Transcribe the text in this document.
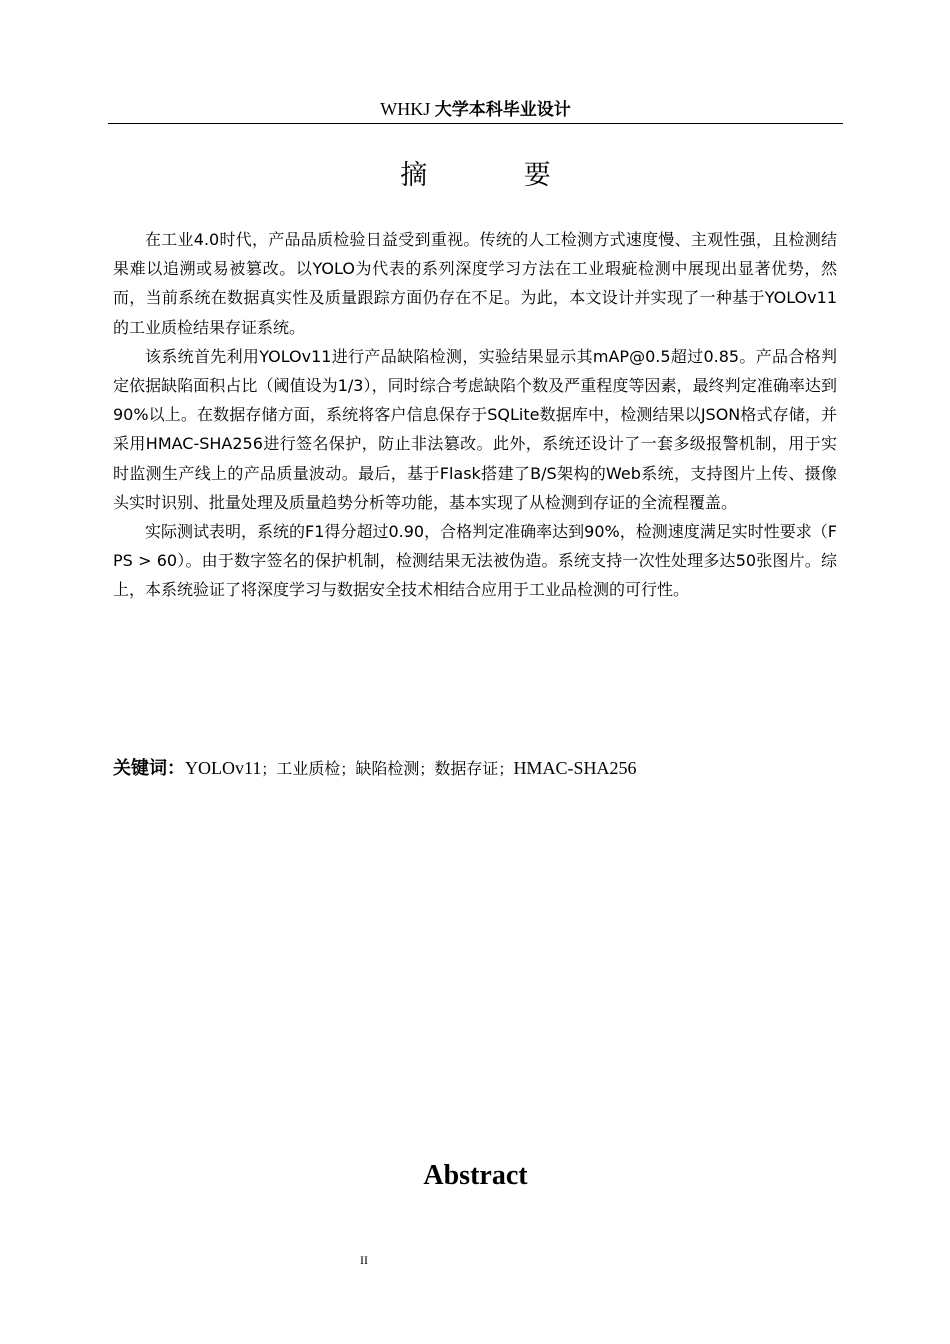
WHKJ 大学本科毕业设计
摘 要

在工业4.0时代，产品品质检验日益受到重视。传统的人工检测方式速度慢、主观性强，且检测结果难以追溯或易被篡改。以YOLO为代表的系列深度学习方法在工业瑕疵检测中展现出显著优势，然而，当前系统在数据真实性及质量跟踪方面仍存在不足。为此，本文设计并实现了一种基于YOLOv11的工业质检结果存证系统。

该系统首先利用YOLOv11进行产品缺陷检测，实验结果显示其mAP@0.5超过0.85。产品合格判定依据缺陷面积占比（阈值设为1/3），同时综合考虑缺陷个数及严重程度等因素，最终判定准确率达到90%以上。在数据存储方面，系统将客户信息保存于SQLite数据库中，检测结果以JSON格式存储，并采用HMAC-SHA256进行签名保护，防止非法篡改。此外，系统还设计了一套多级报警机制，用于实时监测生产线上的产品质量波动。最后，基于Flask搭建了B/S架构的Web系统，支持图片上传、摄像头实时识别、批量处理及质量趋势分析等功能，基本实现了从检测到存证的全流程覆盖。

实际测试表明，系统的F1得分超过0.90，合格判定准确率达到90%，检测速度满足实时性要求（FPS > 60）。由于数字签名的保护机制，检测结果无法被伪造。系统支持一次性处理多达50张图片。综上，本系统验证了将深度学习与数据安全技术相结合应用于工业品检测的可行性。

关键词：YOLOv11；工业质检；缺陷检测；数据存证；HMAC-SHA256
Abstract
II
